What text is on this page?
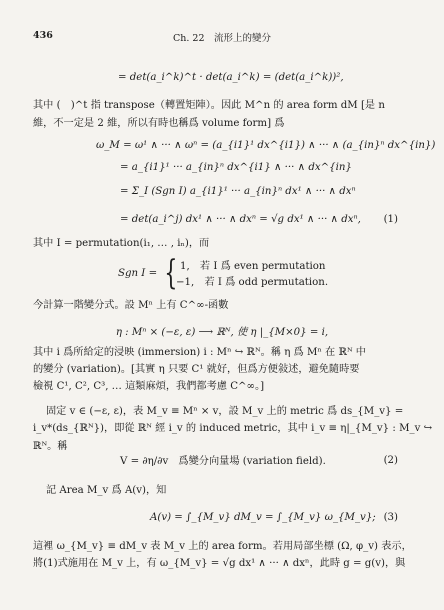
436	Ch. 22　流形上的變分
= det(a_i^k)^t · det(a_i^k) = (det(a_i^k))²,
其中 (　)^t 指 transpose（轉置矩陣）。因此 M^n 的 area form dM [是 n
維，不一定是 2 維，所以有時也稱爲 volume form] 爲
ω_M = ω¹ ∧ ··· ∧ ωⁿ = (a_{i1}¹ dx^{i1}) ∧ ··· ∧ (a_{in}ⁿ dx^{in})
= a_{i1}¹ ··· a_{in}ⁿ dx^{i1} ∧ ··· ∧ dx^{in}
= Σ_I (Sgn I) a_{i1}¹ ··· a_{in}ⁿ dx¹ ∧ ··· ∧ dxⁿ
= det(a_i^j) dx¹ ∧ ··· ∧ dxⁿ = √g dx¹ ∧ ··· ∧ dxⁿ, (1)
其中 I = permutation(i₁, … , iₙ)，而
Sgn I = { 1,　若 I 爲 even permutation
−1,　若 I 爲 odd permutation.
今計算一階變分式。設 Mⁿ 上有 C^∞-函數
η : Mⁿ × (−ε, ε) ⟶ ℝᴺ, 使 η |_{M×0} = i,
其中 i 爲所給定的浸映 (immersion) i : Mⁿ ↪ ℝᴺ。稱 η 爲 Mⁿ 在 ℝᴺ 中
的變分 (variation)。[其實 η 只要 C¹ 就好，但爲方便敍述，避免隨時要
檢視 C¹, C², C³, … 這類麻煩，我們都考慮 C^∞。]
固定 v ∈ (−ε, ε)，表 M_v ≡ Mⁿ × v，設 M_v 上的 metric 爲 ds_{M_v} =
i_v*(ds_{ℝᴺ})，即從 ℝᴺ 經 i_v 的 induced metric，其中 i_v ≡ η|_{M_v} : M_v ↪
ℝᴺ。稱
V = ∂η/∂v　爲變分向量場 (variation field).	(2)
記 Area M_v 爲 A(v)，知
A(v) = ∫_{M_v} dM_v = ∫_{M_v} ω_{M_v}; (3)
這裡 ω_{M_v} ≡ dM_v 表 M_v 上的 area form。若用局部坐標 (Ω, φ_v) 表示，
將(1)式施用在 M_v 上，有 ω_{M_v} = √g dx¹ ∧ ··· ∧ dxⁿ，此時 g = g(v)，與
